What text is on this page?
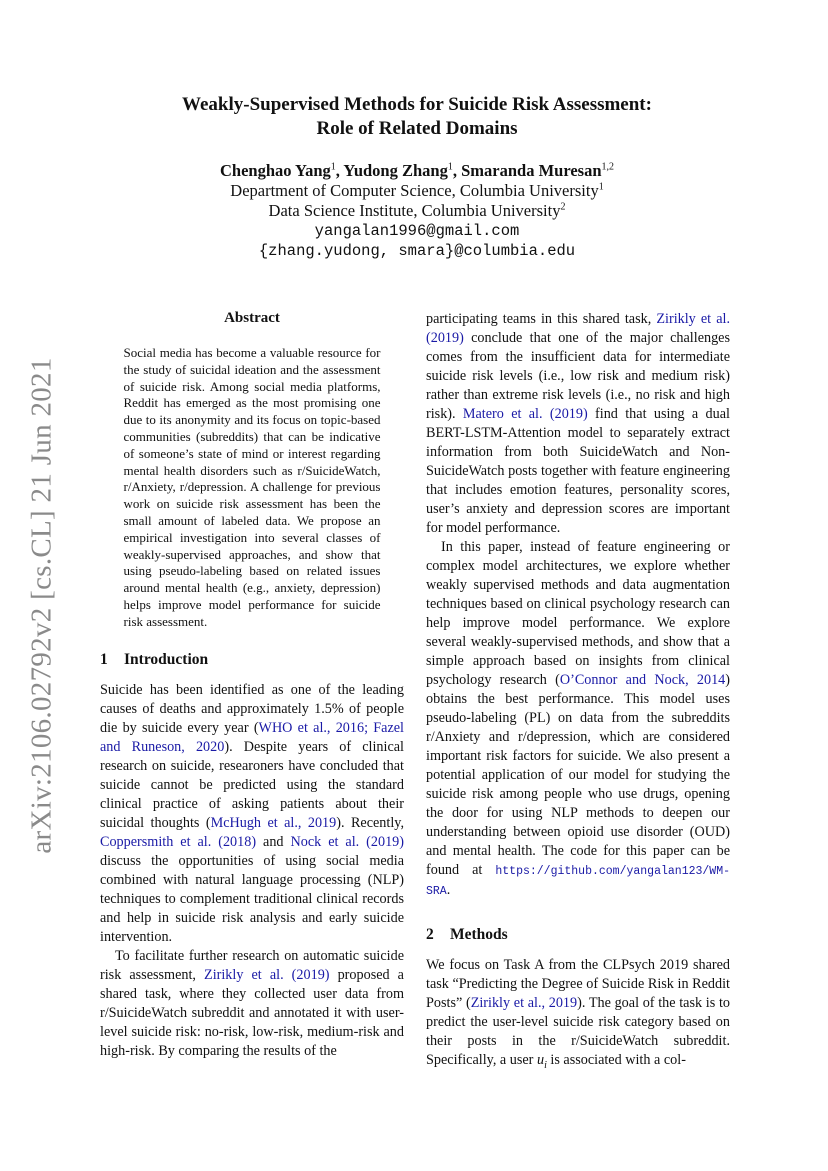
arXiv:2106.02792v2 [cs.CL] 21 Jun 2021
Weakly-Supervised Methods for Suicide Risk Assessment:
Role of Related Domains
Chenghao Yang$^1$, Yudong Zhang$^1$, Smaranda Muresan$^{1,2}$
Department of Computer Science, Columbia University$^1$
Data Science Institute, Columbia University$^2$
yangalan1996@gmail.com
{zhang.yudong, smara}@columbia.edu
Abstract

Social media has become a valuable resource for the study of suicidal ideation and the assessment of suicide risk. Among social media platforms, Reddit has emerged as the most promising one due to its anonymity and its focus on topic-based communities (subreddits) that can be indicative of someone’s state of mind or interest regarding mental health disorders such as r/SuicideWatch, r/Anxiety, r/depression. A challenge for previous work on suicide risk assessment has been the small amount of labeled data. We propose an empirical investigation into several classes of weakly-supervised approaches, and show that using pseudo-labeling based on related issues around mental health (e.g., anxiety, depression) helps improve model performance for suicide risk assessment.

1 Introduction

Suicide has been identified as one of the leading causes of deaths and approximately 1.5% of people die by suicide every year (WHO et al., 2016; Fazel and Runeson, 2020). Despite years of clinical research on suicide, researoners have concluded that suicide cannot be predicted using the standard clinical practice of asking patients about their suicidal thoughts (McHugh et al., 2019). Recently, Coppersmith et al. (2018) and Nock et al. (2019) discuss the opportunities of using social media combined with natural language processing (NLP) techniques to complement traditional clinical records and help in suicide risk analysis and early suicide intervention.

To facilitate further research on automatic suicide risk assessment, Zirikly et al. (2019) proposed a shared task, where they collected user data from r/SuicideWatch subreddit and annotated it with user-level suicide risk: no-risk, low-risk, medium-risk and high-risk. By comparing the results of the

participating teams in this shared task, Zirikly et al. (2019) conclude that one of the major challenges comes from the insufficient data for intermediate suicide risk levels (i.e., low risk and medium risk) rather than extreme risk levels (i.e., no risk and high risk). Matero et al. (2019) find that using a dual BERT-LSTM-Attention model to separately extract information from both SuicideWatch and Non-SuicideWatch posts together with feature engineering that includes emotion features, personality scores, user’s anxiety and depression scores are important for model performance.

In this paper, instead of feature engineering or complex model architectures, we explore whether weakly supervised methods and data augmentation techniques based on clinical psychology research can help improve model performance. We explore several weakly-supervised methods, and show that a simple approach based on insights from clinical psychology research (O’Connor and Nock, 2014) obtains the best performance. This model uses pseudo-labeling (PL) on data from the subreddits r/Anxiety and r/depression, which are considered important risk factors for suicide. We also present a potential application of our model for studying the suicide risk among people who use drugs, opening the door for using NLP methods to deepen our understanding between opioid use disorder (OUD) and mental health. The code for this paper can be found at https://github.com/yangalan123/WM-SRA.

2 Methods

We focus on Task A from the CLPsych 2019 shared task “Predicting the Degree of Suicide Risk in Reddit Posts” (Zirikly et al., 2019). The goal of the task is to predict the user-level suicide risk category based on their posts in the r/SuicideWatch subreddit. Specifically, a user $u_i$ is associated with a col-
